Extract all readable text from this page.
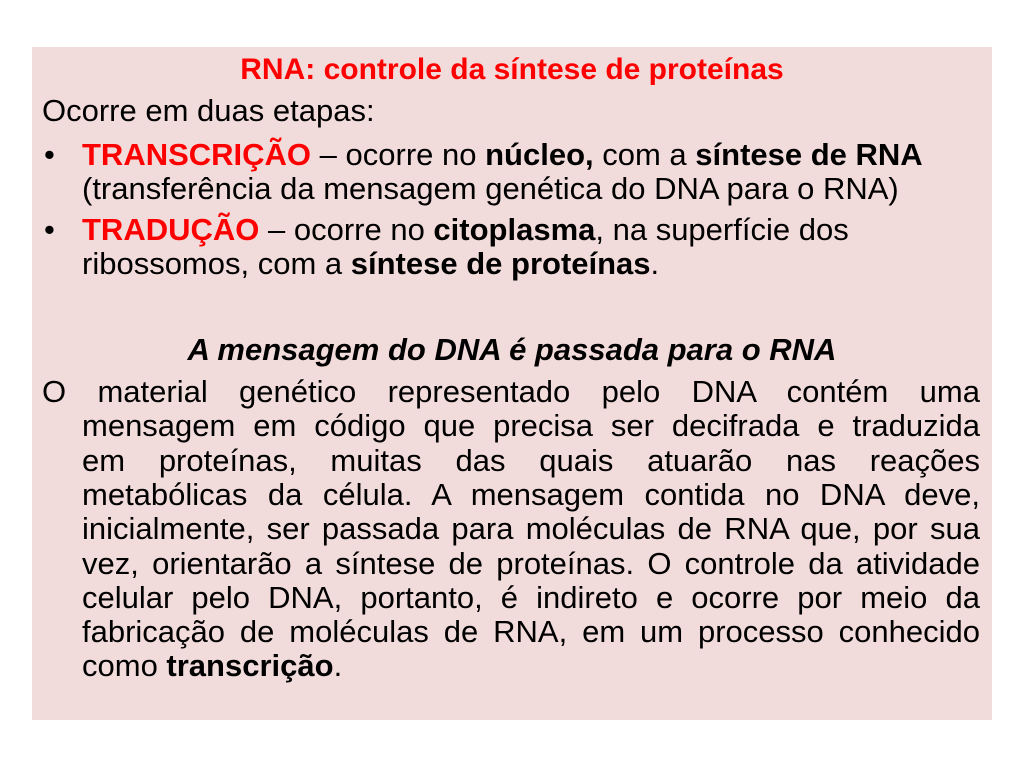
RNA: controle da síntese de proteínas
Ocorre em duas etapas:
•
TRANSCRIÇÃO – ocorre no núcleo, com a síntese de RNA (transferência da mensagem genética do DNA para o RNA)
•
TRADUÇÃO – ocorre no citoplasma, na superfície dos ribossomos, com a síntese de proteínas.
A mensagem do DNA é passada para o RNA
O material genético representado pelo DNA contém uma
mensagem em código que precisa ser decifrada e traduzida
em proteínas, muitas das quais atuarão nas reações
metabólicas da célula. A mensagem contida no DNA deve,
inicialmente, ser passada para moléculas de RNA que, por sua
vez, orientarão a síntese de proteínas. O controle da atividade
celular pelo DNA, portanto, é indireto e ocorre por meio da
fabricação de moléculas de RNA, em um processo conhecido
como transcrição.
